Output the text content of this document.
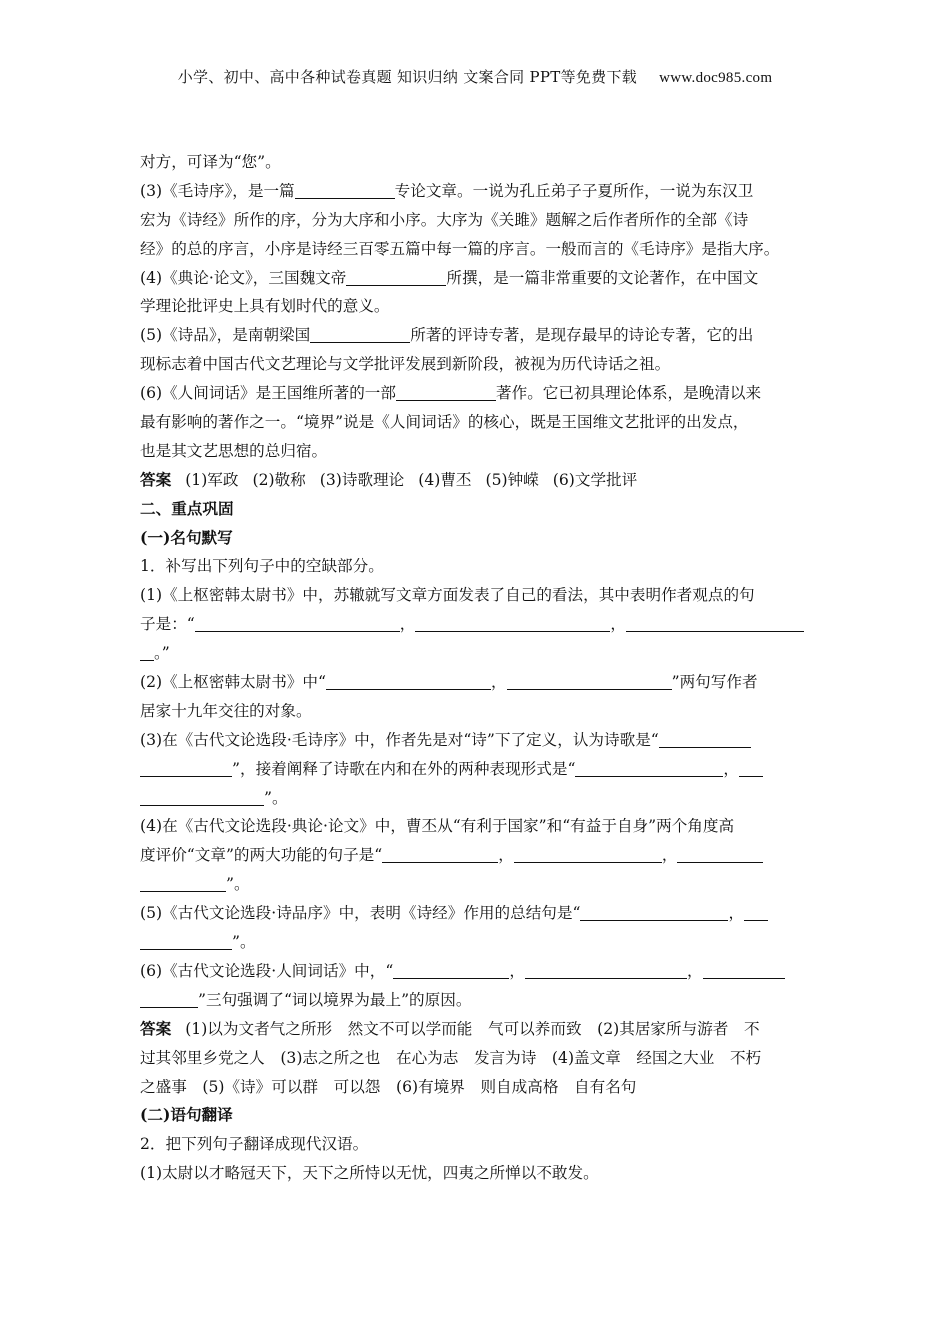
小学、初中、高中各种试卷真题 知识归纳 文案合同 PPT等免费下载 www.doc985.com
对方，可译为“您”。
(3)《毛诗序》，是一篇	专论文章。一说为孔丘弟子子夏所作，一说为东汉卫
宏为《诗经》所作的序，分为大序和小序。大序为《关雎》题解之后作者所作的全部《诗
经》的总的序言，小序是诗经三百零五篇中每一篇的序言。一般而言的《毛诗序》是指大序。
(4)《典论·论文》，三国魏文帝	所撰，是一篇非常重要的文论著作，在中国文
学理论批评史上具有划时代的意义。
(5)《诗品》，是南朝梁国	所著的评诗专著，是现存最早的诗论专著，它的出
现标志着中国古代文艺理论与文学批评发展到新阶段，被视为历代诗话之祖。
(6)《人间词话》是王国维所著的一部	著作。它已初具理论体系，是晚清以来
最有影响的著作之一。“境界”说是《人间词话》的核心，既是王国维文艺批评的出发点，
也是其文艺思想的总归宿。
答案 (1)军政 (2)敬称 (3)诗歌理论 (4)曹丕 (5)钟嵘 (6)文学批评
二、重点巩固
(一)名句默写
1．补写出下列句子中的空缺部分。
(1)《上枢密韩太尉书》中，苏辙就写文章方面发表了自己的看法，其中表明作者观点的句
子是：“	，	，
。”
(2)《上枢密韩太尉书》中“	，	”两句写作者
居家十九年交往的对象。
(3)在《古代文论选段·毛诗序》中，作者先是对“诗”下了定义，认为诗歌是“
”，接着阐释了诗歌在内和在外的两种表现形式是“	，
”。
(4)在《古代文论选段·典论·论文》中，曹丕从“有利于国家”和“有益于自身”两个角度高
度评价“文章”的两大功能的句子是“	，	，
”。
(5)《古代文论选段·诗品序》中，表明《诗经》作用的总结句是“	，
”。
(6)《古代文论选段·人间词话》中，“	，	，
”三句强调了“词以境界为最上”的原因。
答案 (1)以为文者气之所形　然文不可以学而能　气可以养而致　(2)其居家所与游者　不
过其邻里乡党之人　(3)志之所之也　在心为志　发言为诗　(4)盖文章　经国之大业　不朽
之盛事　(5)《诗》可以群　可以怨　(6)有境界　则自成高格　自有名句
(二)语句翻译
2．把下列句子翻译成现代汉语。
(1)太尉以才略冠天下，天下之所恃以无忧，四夷之所惮以不敢发。
